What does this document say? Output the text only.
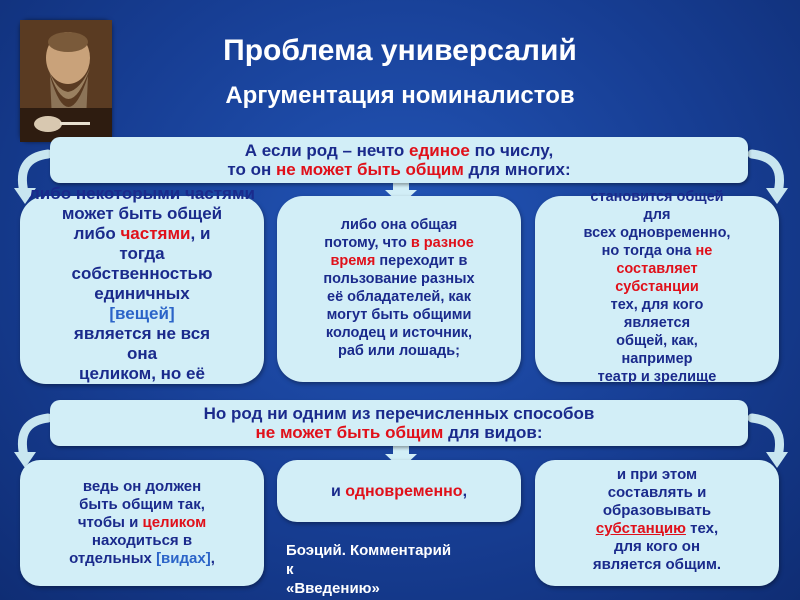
Проблема универсалий
Аргументация номиналистов
А если род – нечто единое по числу,
то он не может быть общим для многих:
либо некоторыми частями
может быть общей
либо частями, и
тогда
собственностью
единичных
[вещей]
является не вся
она
целиком, но её
либо она общая
потому, что в разное
время переходит в
пользование разных
её обладателей, как
могут быть общими
колодец и источник,
раб или лошадь;
становится общей
для
всех одновременно,
но тогда она не
составляет
субстанции
тех, для кого
является
общей, как,
например
театр и зрелище
Но род ни одним из перечисленных способов
не может быть общим для видов:
ведь он должен
быть общим так,
чтобы и целиком
находиться в
отдельных [видах],
и одновременно,
и при этом
составлять и
образовывать
субстанцию тех,
для кого он
является общим.
Боэций. Комментарий
к
«Введению»
